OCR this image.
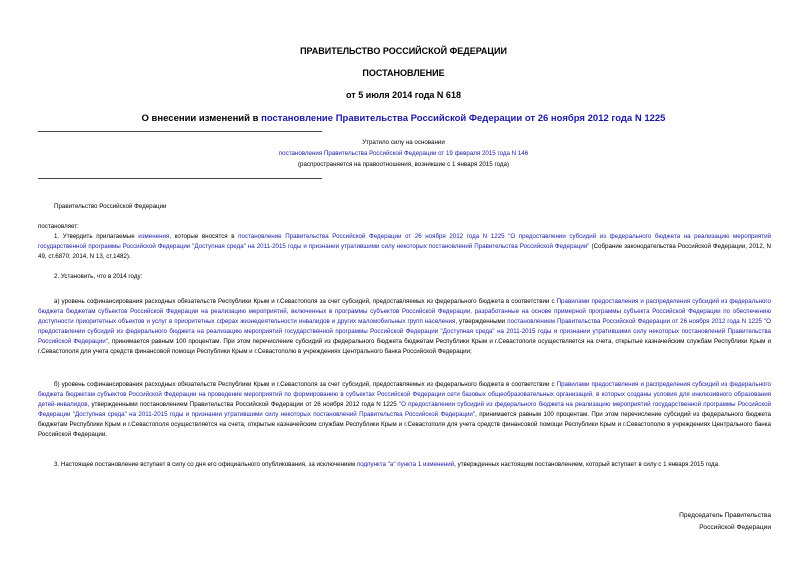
ПРАВИТЕЛЬСТВО РОССИЙСКОЙ ФЕДЕРАЦИИ
ПОСТАНОВЛЕНИЕ
от 5 июля 2014 года N 618
О внесении изменений в постановление Правительства Российской Федерации от 26 ноября 2012 года N 1225
Утратило силу на основании
постановления Правительства Российской Федерации от 19 февраля 2015 года N 146
(распространяется на правоотношения, возникшие с 1 января 2015 года)
Правительство Российской Федерации
постановляет:
1. Утвердить прилагаемые изменения, которые вносятся в постановление Правительства Российской Федерации от 26 ноября 2012 года N 1225 "О предоставлении субсидий из федерального бюджета на реализацию мероприятий государственной программы Российской Федерации "Доступная среда" на 2011-2015 годы и признании утратившими силу некоторых постановлений Правительства Российской Федерации" (Собрание законодательства Российской Федерации, 2012, N 49, ст.6870; 2014, N 13, ст.1482).
2. Установить, что в 2014 году:
а) уровень софинансирования расходных обязательств Республики Крым и г.Севастополя за счет субсидий, предоставляемых из федерального бюджета в соответствии с Правилами предоставления и распределения субсидий из федерального бюджета бюджетам субъектов Российской Федерации на реализацию мероприятий, включенных в программы субъектов Российской Федерации, разработанные на основе примерной программы субъекта Российской Федерации по обеспечению доступности приоритетных объектов и услуг в приоритетных сферах жизнедеятельности инвалидов и других маломобильных групп населения, утвержденными постановлением Правительства Российской Федерации от 26 ноября 2012 года N 1225 "О предоставлении субсидий из федерального бюджета на реализацию мероприятий государственной программы Российской Федерации "Доступная среда" на 2011-2015 годы и признании утратившими силу некоторых постановлений Правительства Российской Федерации", принимается равным 100 процентам. При этом перечисление субсидий из федерального бюджета бюджетам Республики Крым и г.Севастополя осуществляется на счета, открытые казначейским службам Республики Крым и г.Севастополя для учета средств финансовой помощи Республики Крым и г.Севастополю в учреждениях Центрального банка Российской Федерации;
б) уровень софинансирования расходных обязательств Республики Крым и г.Севастополя за счет субсидий, предоставляемых из федерального бюджета в соответствии с Правилами предоставления и распределения субсидий из федерального бюджета бюджетам субъектов Российской Федерации на проведение мероприятий по формированию в субъектах Российской Федерации сети базовых общеобразовательных организаций, в которых созданы условия для инклюзивного образования детей-инвалидов, утвержденными постановлением Правительства Российской Федерации от 26 ноября 2012 года N 1225 "О предоставлении субсидий из федерального бюджета на реализацию мероприятий государственной программы Российской Федерации "Доступная среда" на 2011-2015 годы и признании утратившими силу некоторых постановлений Правительства Российской Федерации", принимается равным 100 процентам. При этом перечисление субсидий из федерального бюджета бюджетам Республики Крым и г.Севастополя осуществляется на счета, открытые казначейским службам Республики Крым и г.Севастополя для учета средств финансовой помощи Республики Крым и г.Севастополю в учреждениях Центрального банка Российской Федерации.
3. Настоящее постановление вступает в силу со дня его официального опубликования, за исключением подпункта "а" пункта 1 изменений, утвержденных настоящим постановлением, который вступает в силу с 1 января 2015 года.
Председатель Правительства
Российской Федерации
